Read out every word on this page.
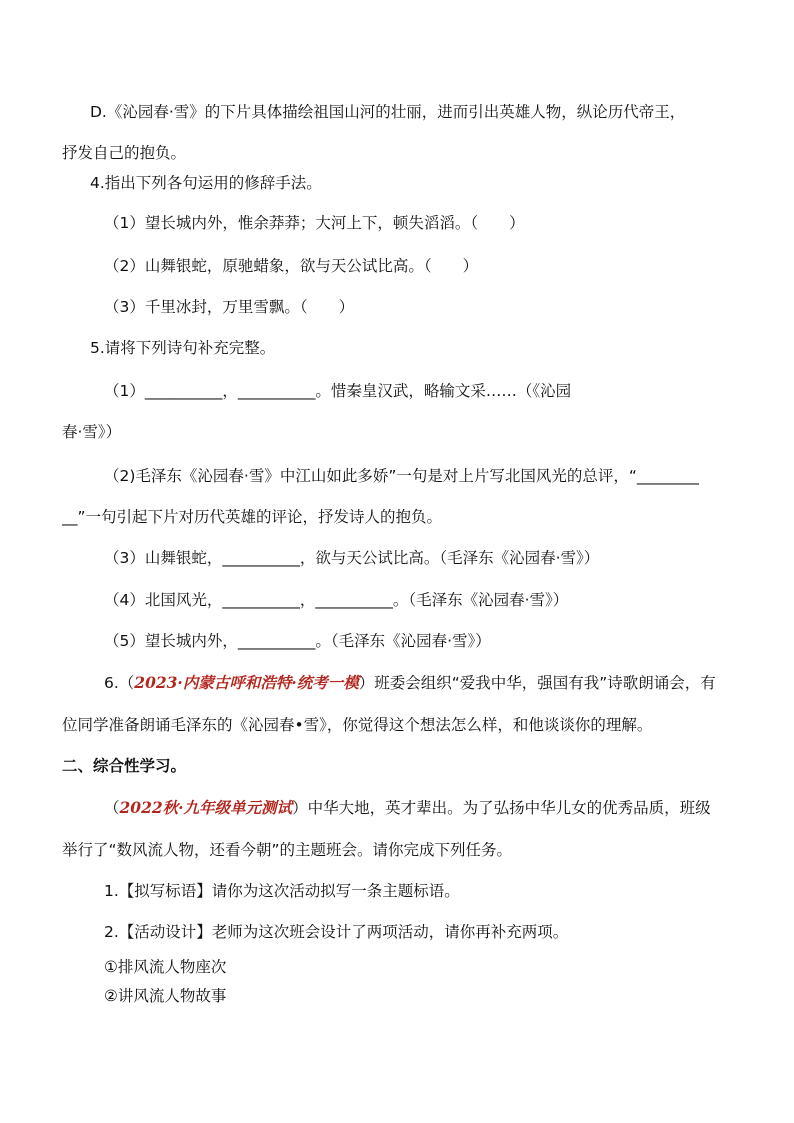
D.《沁园春·雪》的下片具体描绘祖国山河的壮丽，进而引出英雄人物，纵论历代帝王，
抒发自己的抱负。
4.指出下列各句运用的修辞手法。
（1）望长城内外，惟余莽莽；大河上下，顿失滔滔。（　　）
（2）山舞银蛇，原驰蜡象，欲与天公试比高。（　　）
（3）千里冰封，万里雪飘。（　　）
5.请将下列诗句补充完整。
（1）__________，__________。惜秦皇汉武，略输文采……（《沁园
春·雪》）
（2)毛泽东《沁园春·雪》中江山如此多娇”一句是对上片写北国风光的总评，“________
__”一句引起下片对历代英雄的评论，抒发诗人的抱负。
（3）山舞银蛇，__________，欲与天公试比高。（毛泽东《沁园春·雪》）
（4）北国风光，__________，__________。（毛泽东《沁园春·雪》）
（5）望长城内外，__________。（毛泽东《沁园春·雪》）
6.（2023·内蒙古呼和浩特·统考一模）班委会组织“爱我中华，强国有我”诗歌朗诵会，有
位同学准备朗诵毛泽东的《沁园春•雪》，你觉得这个想法怎么样，和他谈谈你的理解。
二、综合性学习。
（2022秋·九年级单元测试）中华大地，英才辈出。为了弘扬中华儿女的优秀品质，班级
举行了“数风流人物，还看今朝”的主题班会。请你完成下列任务。
1.【拟写标语】请你为这次活动拟写一条主题标语。
2.【活动设计】老师为这次班会设计了两项活动，请你再补充两项。
①排风流人物座次
②讲风流人物故事
